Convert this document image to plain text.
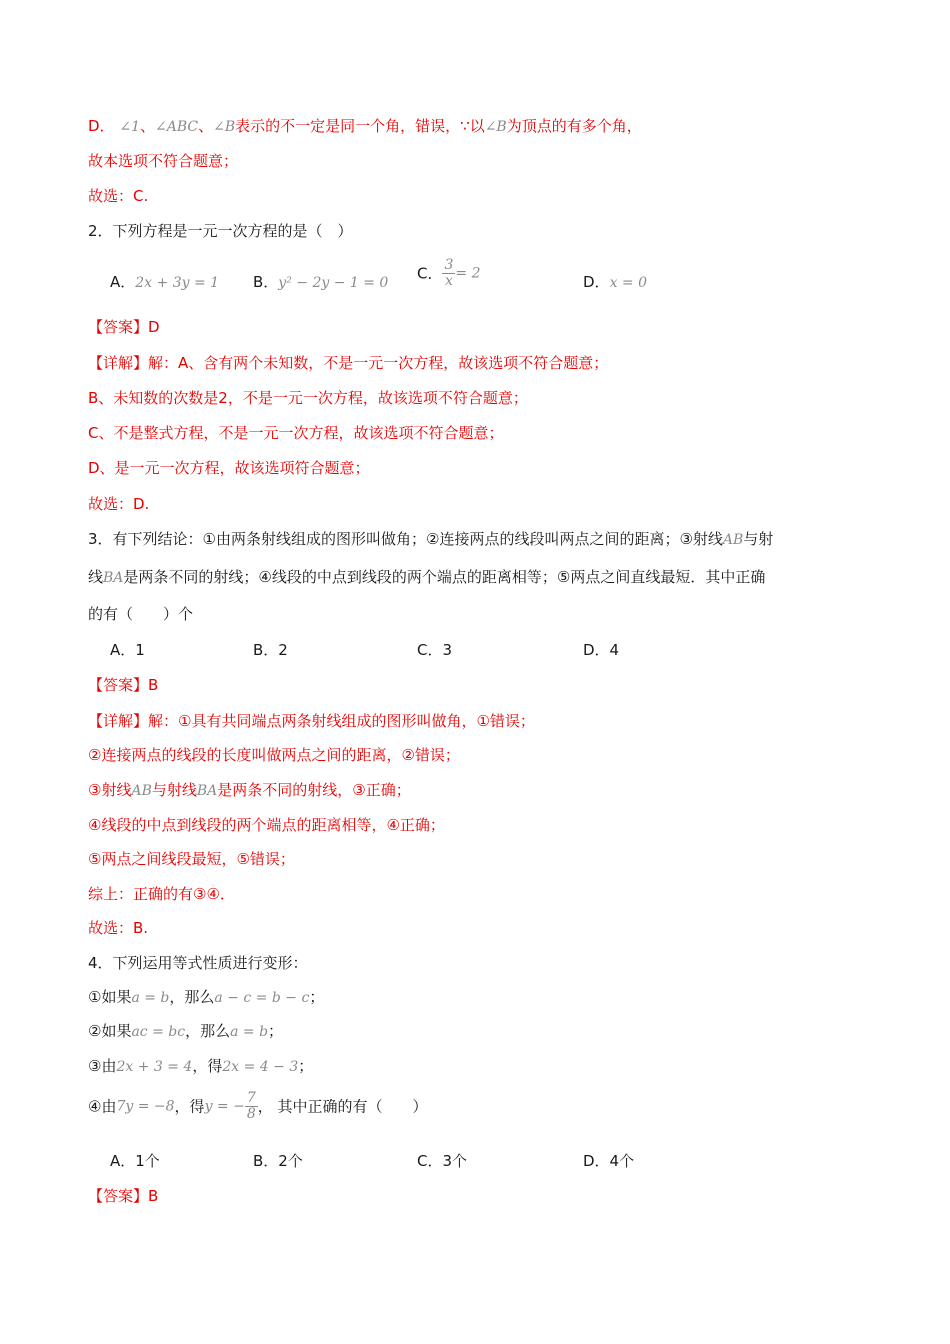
D． ∠1、∠ABC、∠B表示的不一定是同一个角，错误，∵以∠B为顶点的有多个角，
故本选项不符合题意；
故选：C.
2．下列方程是一元一次方程的是（　）
A．2x + 3y = 1 B．y² − 2y − 1 = 0
C． $\frac{3}{x} = 2$	D．x = 0
【答案】D
【详解】解：A、含有两个未知数，不是一元一次方程，故该选项不符合题意；
B、未知数的次数是2，不是一元一次方程，故该选项不符合题意；
C、不是整式方程，不是一元一次方程，故该选项不符合题意；
D、是一元一次方程，故该选项符合题意；
故选：D.
3．有下列结论：①由两条射线组成的图形叫做角；②连接两点的线段叫两点之间的距离；③射线AB与射
线BA是两条不同的射线；④线段的中点到线段的两个端点的距离相等；⑤两点之间直线最短．其中正确
的有（　　）个
A．1	B．2	C．3	D．4
【答案】B
【详解】解：①具有共同端点两条射线组成的图形叫做角，①错误；
②连接两点的线段的长度叫做两点之间的距离，②错误；
③射线AB与射线BA是两条不同的射线，③正确；
④线段的中点到线段的两个端点的距离相等，④正确；
⑤两点之间线段最短，⑤错误；
综上：正确的有③④．
故选：B.
4．下列运用等式性质进行变形：
①如果a = b，那么a − c = b − c；
②如果ac = bc，那么a = b；
③由2x + 3 = 4，得2x = 4 − 3；
④由7y = −8，得y = − $\frac{7}{8}$ ， 其中正确的有（　　）
A．1个	B．2个	C．3个	D．4个
【答案】B
